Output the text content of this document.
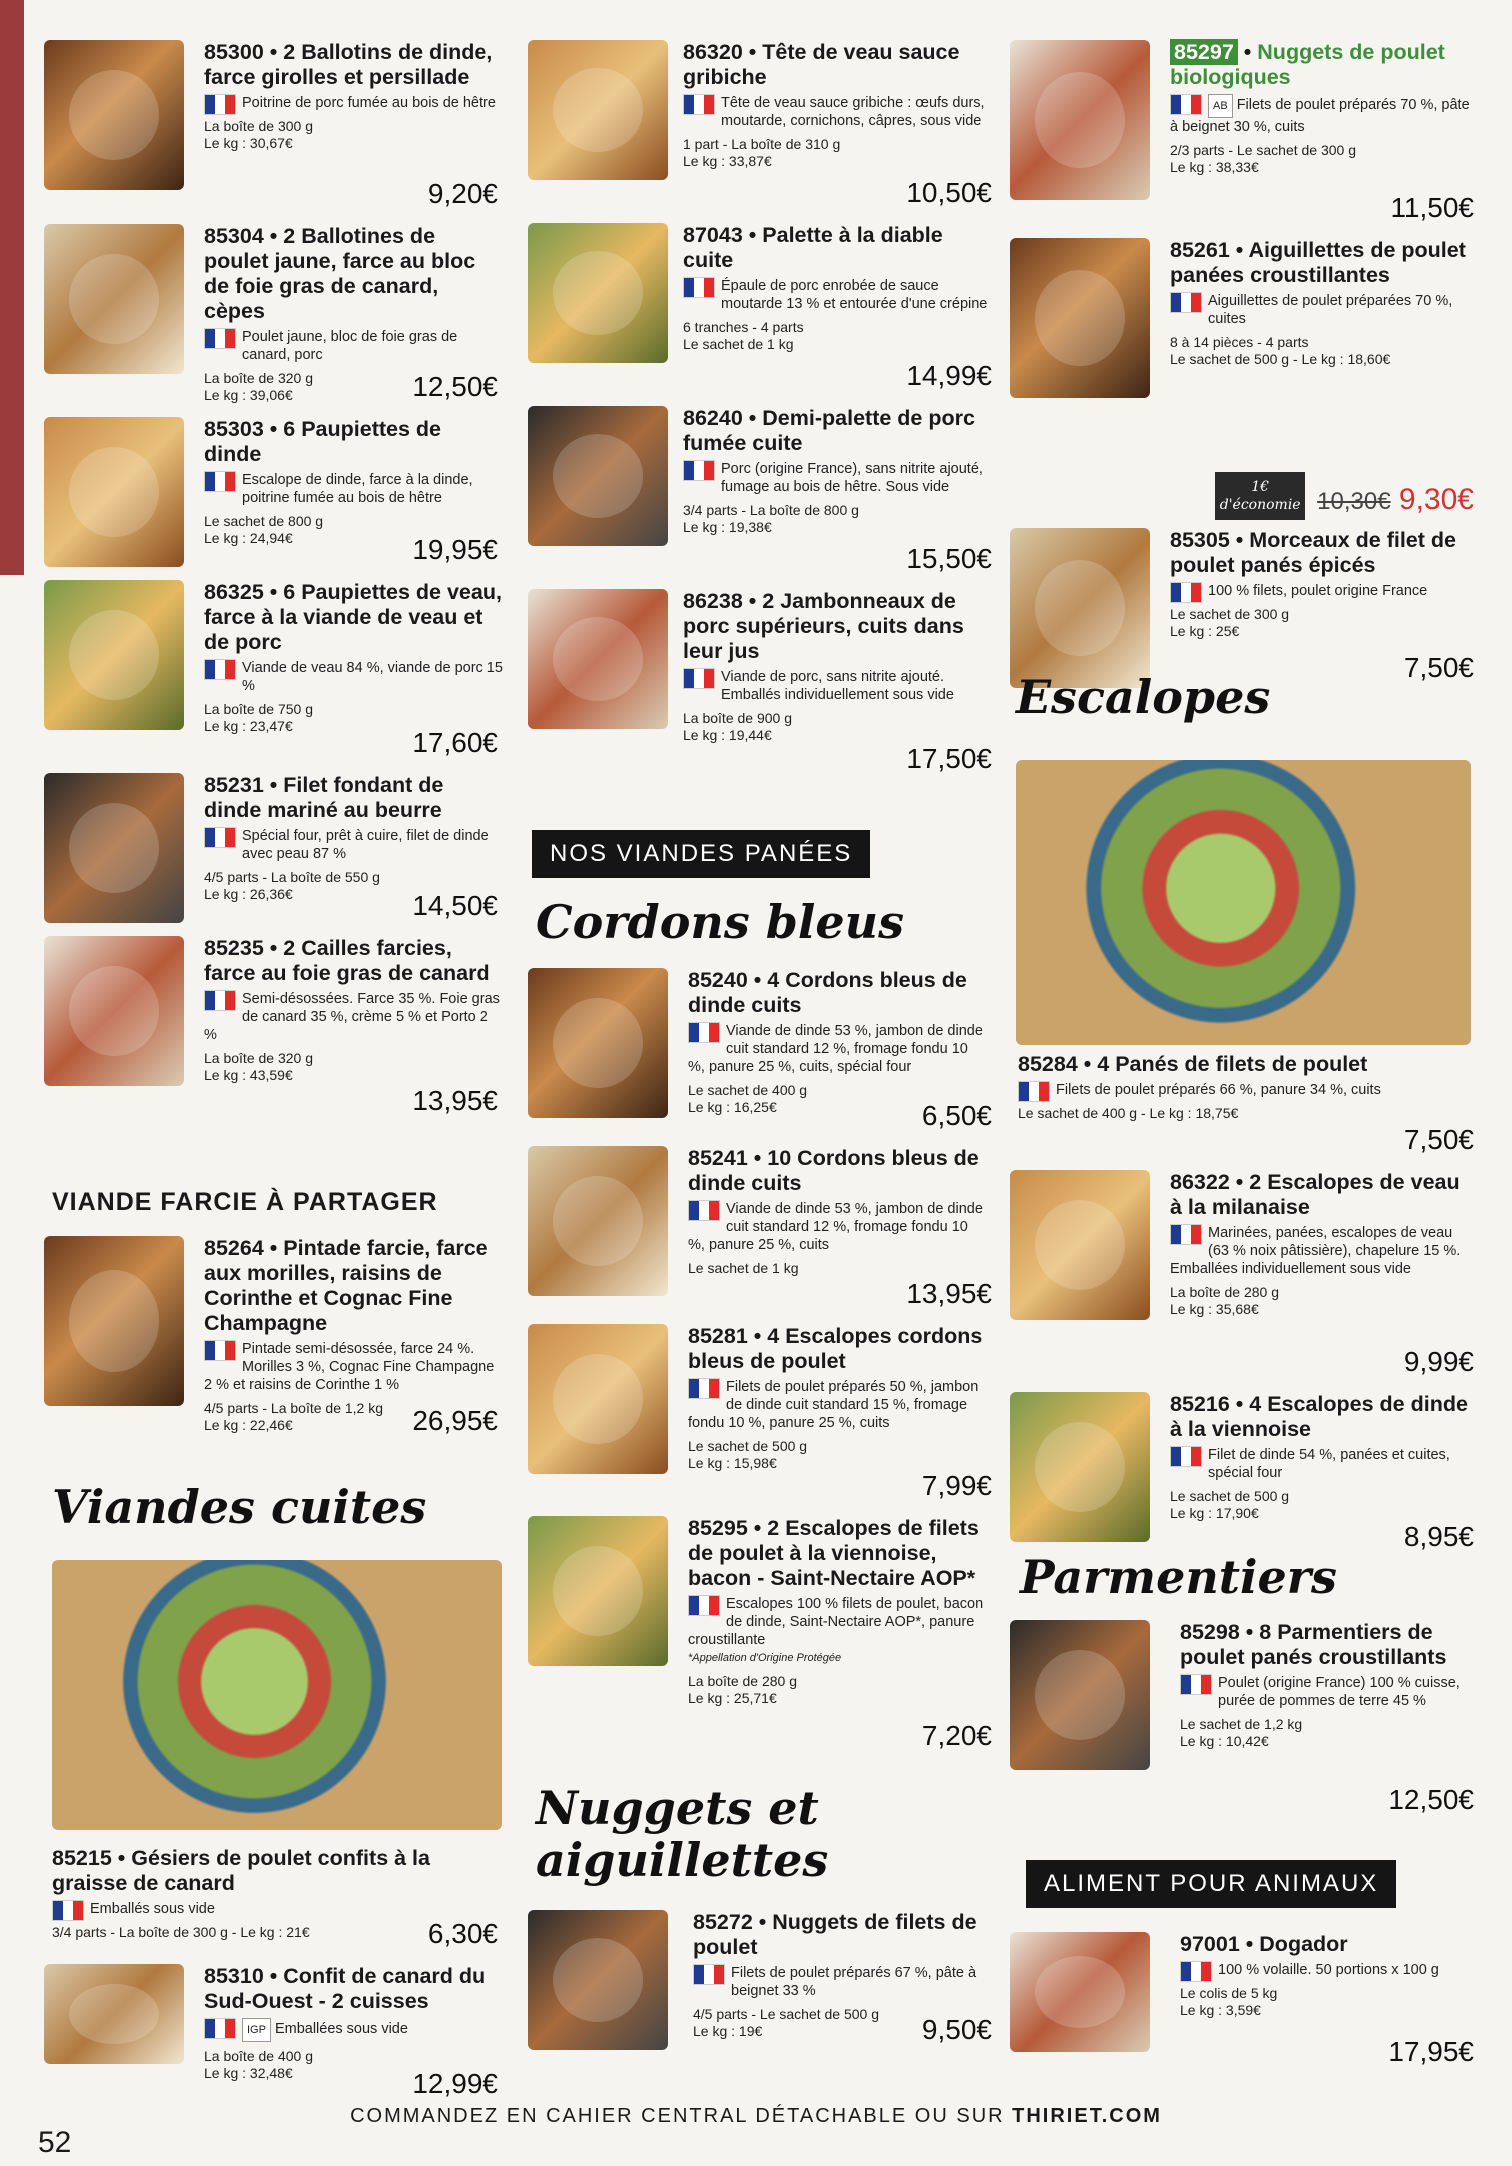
85300 • 2 Ballotins de dinde, farce girolles et persillade
Poitrine de porc fumée au bois de hêtre
La boîte de 300 g
Le kg : 30,67€
9,20€
85304 • 2 Ballotines de poulet jaune, farce au bloc de foie gras de canard, cèpes
Poulet jaune, bloc de foie gras de canard, porc
La boîte de 320 g
Le kg : 39,06€	12,50€
85303 • 6 Paupiettes de dinde
Escalope de dinde, farce à la dinde, poitrine fumée au bois de hêtre
Le sachet de 800 g
Le kg : 24,94€	19,95€
86325 • 6 Paupiettes de veau, farce à la viande de veau et de porc
Viande de veau 84 %, viande de porc 15 %
La boîte de 750 g
Le kg : 23,47€
17,60€
85231 • Filet fondant de dinde mariné au beurre
Spécial four, prêt à cuire, filet de dinde avec peau 87 %
4/5 parts - La boîte de 550 g
Le kg : 26,36€	14,50€
85235 • 2 Cailles farcies, farce au foie gras de canard
Semi-désossées. Farce 35 %. Foie gras de canard 35 %, crème 5 % et Porto 2 %
La boîte de 320 g
Le kg : 43,59€
13,95€
VIANDE FARCIE À PARTAGER
85264 • Pintade farcie, farce aux morilles, raisins de Corinthe et Cognac Fine Champagne
Pintade semi-désossée, farce 24 %. Morilles 3 %, Cognac Fine Champagne 2 % et raisins de Corinthe 1 %
4/5 parts - La boîte de 1,2 kg
Le kg : 22,46€	26,95€
Viandes cuites
85215 • Gésiers de poulet confits à la graisse de canard
Emballés sous vide
3/4 parts - La boîte de 300 g - Le kg : 21€	6,30€
85310 • Confit de canard du Sud-Ouest - 2 cuisses
IGP Emballées sous vide
La boîte de 400 g
Le kg : 32,48€	12,99€
86320 • Tête de veau sauce gribiche
Tête de veau sauce gribiche : œufs durs, moutarde, cornichons, câpres, sous vide
1 part - La boîte de 310 g
Le kg : 33,87€
10,50€
87043 • Palette à la diable cuite
Épaule de porc enrobée de sauce moutarde 13 % et entourée d'une crépine
6 tranches - 4 parts
Le sachet de 1 kg
14,99€
86240 • Demi-palette de porc fumée cuite
Porc (origine France), sans nitrite ajouté, fumage au bois de hêtre. Sous vide
3/4 parts - La boîte de 800 g
Le kg : 19,38€
15,50€
86238 • 2 Jambonneaux de porc supérieurs, cuits dans leur jus
Viande de porc, sans nitrite ajouté. Emballés individuellement sous vide
La boîte de 900 g
Le kg : 19,44€
17,50€
NOS VIANDES PANÉES
Cordons bleus
85240 • 4 Cordons bleus de dinde cuits
Viande de dinde 53 %, jambon de dinde cuit standard 12 %, fromage fondu 10 %, panure 25 %, cuits, spécial four
Le sachet de 400 g
Le kg : 16,25€	6,50€
85241 • 10 Cordons bleus de dinde cuits
Viande de dinde 53 %, jambon de dinde cuit standard 12 %, fromage fondu 10 %, panure 25 %, cuits
Le sachet de 1 kg
13,95€
85281 • 4 Escalopes cordons bleus de poulet
Filets de poulet préparés 50 %, jambon de dinde cuit standard 15 %, fromage fondu 10 %, panure 25 %, cuits
Le sachet de 500 g
Le kg : 15,98€
7,99€
85295 • 2 Escalopes de filets de poulet à la viennoise, bacon - Saint-Nectaire AOP*
Escalopes 100 % filets de poulet, bacon de dinde, Saint-Nectaire AOP*, panure croustillante
*Appellation d'Origine Protégée
La boîte de 280 g
Le kg : 25,71€
7,20€
Nuggets et aiguillettes
85272 • Nuggets de filets de poulet
Filets de poulet préparés 67 %, pâte à beignet 33 %
4/5 parts - Le sachet de 500 g
Le kg : 19€	9,50€
85297 • Nuggets de poulet biologiques
AB Filets de poulet préparés 70 %, pâte à beignet 30 %, cuits
2/3 parts - Le sachet de 300 g
Le kg : 38,33€
11,50€
85261 • Aiguillettes de poulet panées croustillantes
Aiguillettes de poulet préparées 70 %, cuites
8 à 14 pièces - 4 parts
Le sachet de 500 g - Le kg : 18,60€
1€ d'économie 10,30€ 9,30€
85305 • Morceaux de filet de poulet panés épicés
100 % filets, poulet origine France
Le sachet de 300 g
Le kg : 25€
7,50€
Escalopes
85284 • 4 Panés de filets de poulet
Filets de poulet préparés 66 %, panure 34 %, cuits
Le sachet de 400 g - Le kg : 18,75€
7,50€
86322 • 2 Escalopes de veau à la milanaise
Marinées, panées, escalopes de veau (63 % noix pâtissière), chapelure 15 %. Emballées individuellement sous vide
La boîte de 280 g
Le kg : 35,68€
9,99€
85216 • 4 Escalopes de dinde à la viennoise
Filet de dinde 54 %, panées et cuites, spécial four
Le sachet de 500 g
Le kg : 17,90€
8,95€
Parmentiers
85298 • 8 Parmentiers de poulet panés croustillants
Poulet (origine France) 100 % cuisse, purée de pommes de terre 45 %
Le sachet de 1,2 kg
Le kg : 10,42€
12,50€
ALIMENT POUR ANIMAUX
97001 • Dogador
100 % volaille. 50 portions x 100 g
Le colis de 5 kg
Le kg : 3,59€
17,95€
COMMANDEZ EN CAHIER CENTRAL DÉTACHABLE OU SUR THIRIET.COM
52
